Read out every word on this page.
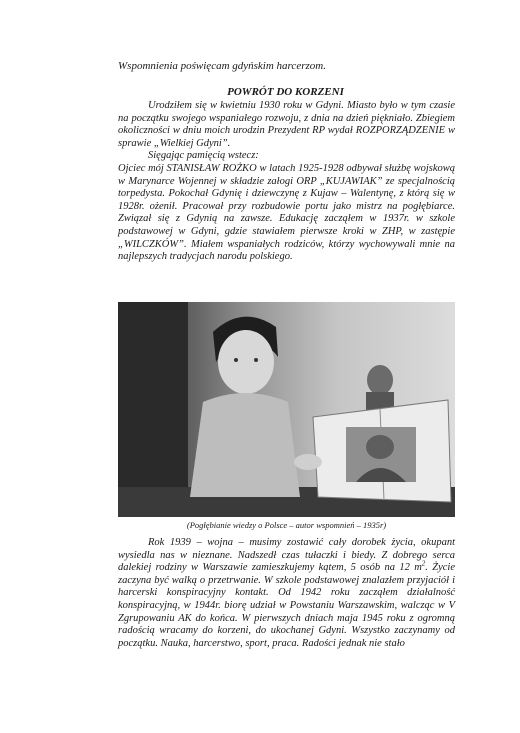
Wspomnienia poświęcam gdyńskim harcerzom.
POWRÓT DO KORZENI

Urodziłem się w kwietniu 1930 roku w Gdyni. Miasto było w tym czasie na początku swojego wspaniałego rozwoju, z dnia na dzień piękniało. Zbiegiem okoliczności w dniu moich urodzin Prezydent RP wydał ROZPORZĄDZENIE w sprawie „Wielkiej Gdyni”.

Sięgając pamięcią wstecz:

Ojciec mój STANISŁAW ROŻKO w latach 1925-1928 odbywał służbę wojskową w Marynarce Wojennej w składzie załogi ORP „KUJAWIAK” ze specjalnością torpedysta. Pokochał Gdynię i dziewczynę z Kujaw – Walentynę, z którą się w 1928r. ożenił. Pracował przy rozbudowie portu jako mistrz na pogłębiarce. Związał się z Gdynią na zawsze. Edukację zacząłem w 1937r. w szkole podstawowej w Gdyni, gdzie stawiałem pierwsze kroki w ZHP, w zastępie „WILCZKÓW”. Miałem wspaniałych rodziców, którzy wychowywali mnie na najlepszych tradycjach narodu polskiego.

(Pogłębianie wiedzy o Polsce – autor wspomnień – 1935r)

Rok 1939 – wojna – musimy zostawić cały dorobek życia, okupant wysiedla nas w nieznane. Nadszedł czas tułaczki i biedy. Z dobrego serca dalekiej rodziny w Warszawie zamieszkujemy kątem, 5 osób na 12 $m^2$. Życie zaczyna być walką o przetrwanie. W szkole podstawowej znalazłem przyjaciół i harcerski konspiracyjny kontakt. Od 1942 roku zacząłem działalność konspiracyjną, w 1944r. biorę udział w Powstaniu Warszawskim, walcząc w V Zgrupowaniu AK do końca. W pierwszych dniach maja 1945 roku z ogromną radością wracamy do korzeni, do ukochanej Gdyni. Wszystko zaczynamy od początku. Nauka, harcerstwo, sport, praca. Radości jednak nie stało
